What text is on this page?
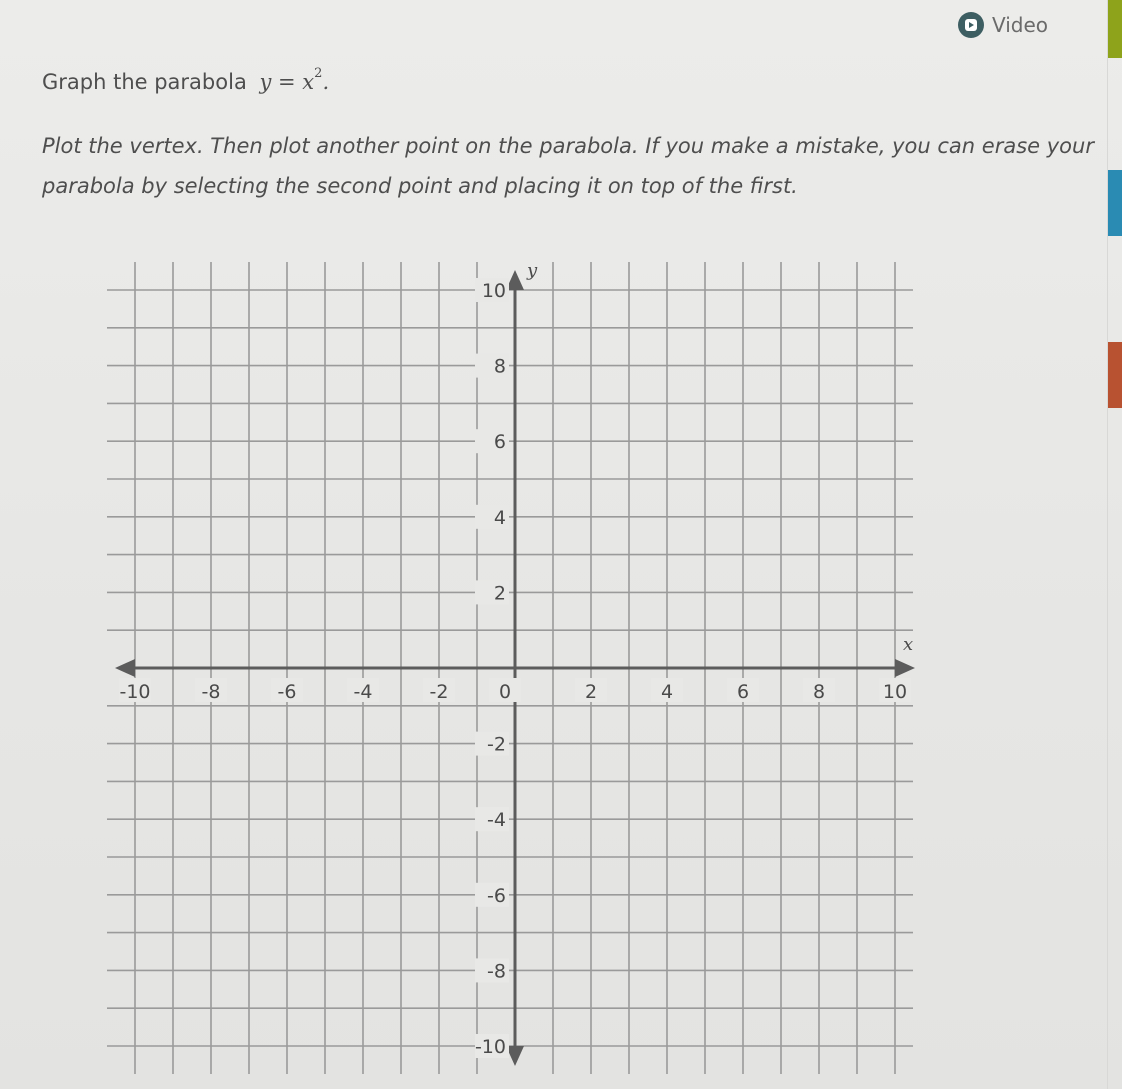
Video
Graph the parabola $y = x^2$.
Plot the vertex. Then plot another point on the parabola. If you make a mistake, you can erase your parabola by selecting the second point and placing it on top of the first.
x
y
-10	-8	-6	-4	-2	0	2	4	6	8	10
10
8
6
4
2
-2
-4
-6
-8
-10
